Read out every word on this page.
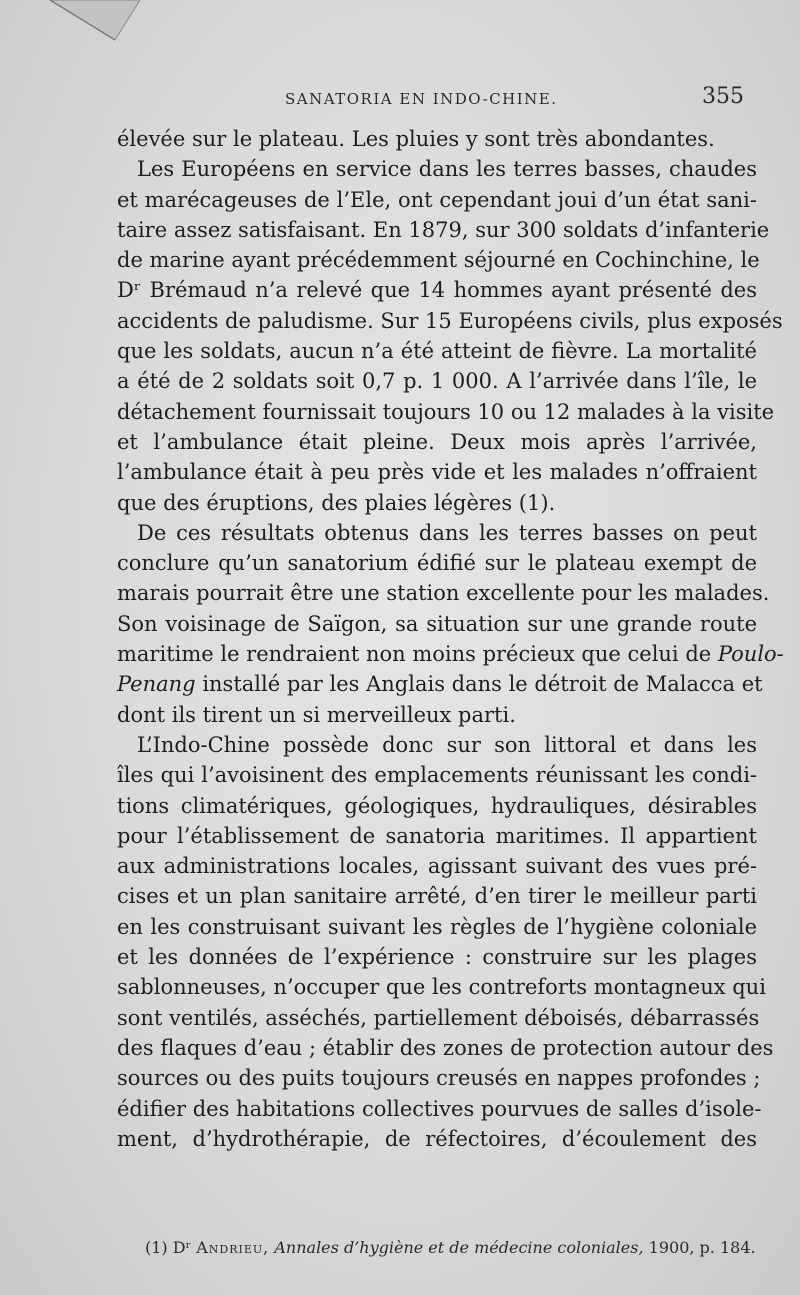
SANATORIA EN INDO-CHINE.	355
élevée sur le plateau. Les pluies y sont très abondantes.
Les Européens en service dans les terres basses, chaudes
et marécageuses de l’Ele, ont cependant joui d’un état sani-
taire assez satisfaisant. En 1879, sur 300 soldats d’infanterie
de marine ayant précédemment séjourné en Cochinchine, le
Dʳ Brémaud n’a relevé que 14 hommes ayant présenté des
accidents de paludisme. Sur 15 Européens civils, plus exposés
que les soldats, aucun n’a été atteint de fièvre. La mortalité
a été de 2 soldats soit 0,7 p. 1 000. A l’arrivée dans l’île, le
détachement fournissait toujours 10 ou 12 malades à la visite
et l’ambulance était pleine. Deux mois après l’arrivée,
l’ambulance était à peu près vide et les malades n’offraient
que des éruptions, des plaies légères (1).
De ces résultats obtenus dans les terres basses on peut
conclure qu’un sanatorium édifié sur le plateau exempt de
marais pourrait être une station excellente pour les malades.
Son voisinage de Saïgon, sa situation sur une grande route
maritime le rendraient non moins précieux que celui de Poulo-
Penang installé par les Anglais dans le détroit de Malacca et
dont ils tirent un si merveilleux parti.
L’Indo-Chine possède donc sur son littoral et dans les
îles qui l’avoisinent des emplacements réunissant les condi-
tions climatériques, géologiques, hydrauliques, désirables
pour l’établissement de sanatoria maritimes. Il appartient
aux administrations locales, agissant suivant des vues pré-
cises et un plan sanitaire arrêté, d’en tirer le meilleur parti
en les construisant suivant les règles de l’hygiène coloniale
et les données de l’expérience : construire sur les plages
sablonneuses, n’occuper que les contreforts montagneux qui
sont ventilés, asséchés, partiellement déboisés, débarrassés
des flaques d’eau ; établir des zones de protection autour des
sources ou des puits toujours creusés en nappes profondes ;
édifier des habitations collectives pourvues de salles d’isole-
ment, d’hydrothérapie, de réfectoires, d’écoulement des
(1) Dʳ Andrieu, Annales d’hygiène et de médecine coloniales, 1900, p. 184.
